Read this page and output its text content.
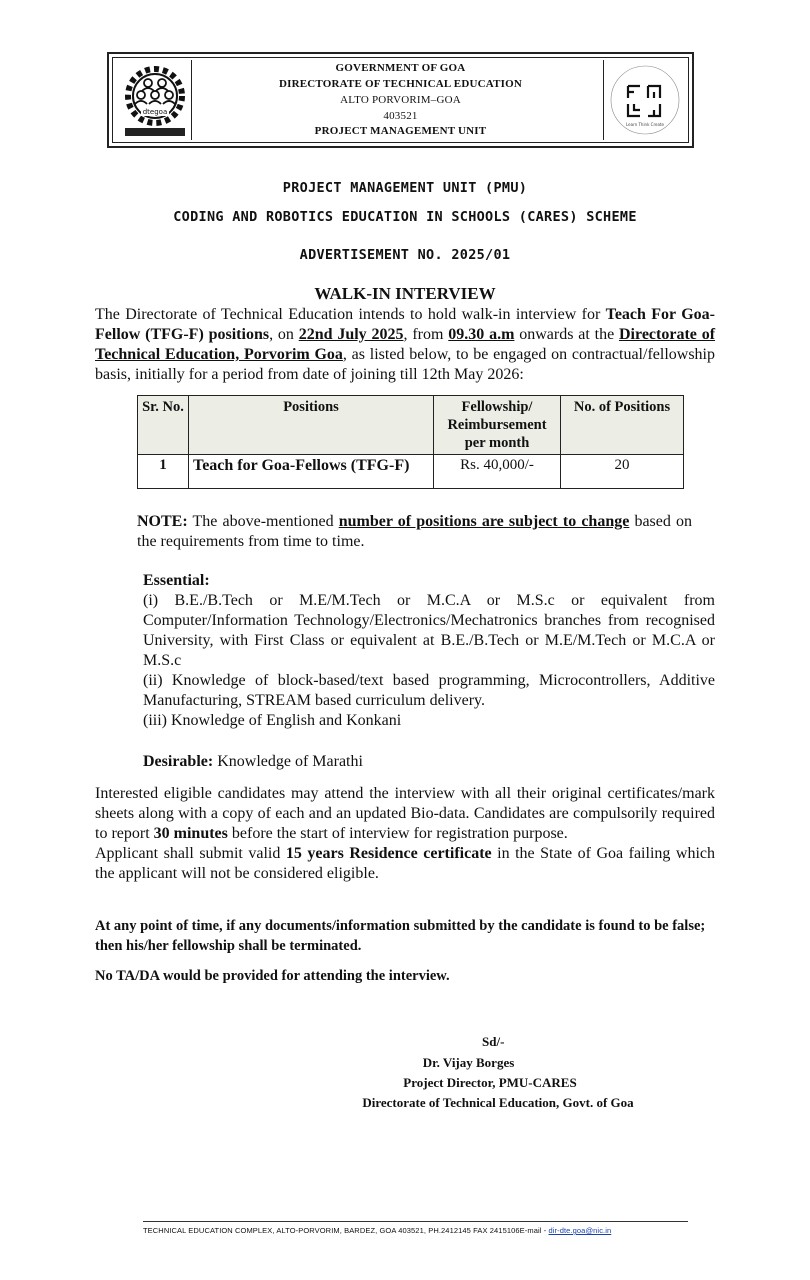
dtegoa
GOVERNMENT OF GOA
DIRECTORATE OF TECHNICAL EDUCATION
ALTO PORVORIM–GOA
403521
PROJECT MANAGEMENT UNIT
Learn Think Create
PROJECT MANAGEMENT UNIT (PMU)
CODING AND ROBOTICS EDUCATION IN SCHOOLS (CARES) SCHEME
ADVERTISEMENT NO. 2025/01
WALK-IN INTERVIEW
The Directorate of Technical Education intends to hold walk-in interview for Teach For Goa-Fellow (TFG-F) positions, on 22nd July 2025, from 09.30 a.m onwards at the Directorate of Technical Education, Porvorim Goa, as listed below, to be engaged on contractual/fellowship basis, initially for a period from date of joining till 12th May 2026:
Sr. No.	Positions	Fellowship/ Reimbursement per month	No. of Positions
1	Teach for Goa-Fellows (TFG-F)	Rs. 40,000/-	20
NOTE: The above-mentioned number of positions are subject to change based on the requirements from time to time.
Essential:
(i) B.E./B.Tech or M.E/M.Tech or M.C.A or M.S.c or equivalent from Computer/Information Technology/Electronics/Mechatronics branches from recognised University, with First Class or equivalent at B.E./B.Tech or M.E/M.Tech or M.C.A or M.S.c
(ii) Knowledge of block-based/text based programming, Microcontrollers, Additive Manufacturing, STREAM based curriculum delivery.
(iii) Knowledge of English and Konkani
Desirable: Knowledge of Marathi
Interested eligible candidates may attend the interview with all their original certificates/mark sheets along with a copy of each and an updated Bio-data. Candidates are compulsorily required to report 30 minutes before the start of interview for registration purpose.
Applicant shall submit valid 15 years Residence certificate in the State of Goa failing which the applicant will not be considered eligible.
At any point of time, if any documents/information submitted by the candidate is found to be false; then his/her fellowship shall be terminated.
No TA/DA would be provided for attending the interview.
Sd/-
Dr. Vijay Borges
Project Director, PMU-CARES
Directorate of Technical Education, Govt. of Goa
TECHNICAL EDUCATION COMPLEX, ALTO-PORVORIM, BARDEZ, GOA 403521, PH.2412145 FAX 2415106E-mail - dir-dte.goa@nic.in
